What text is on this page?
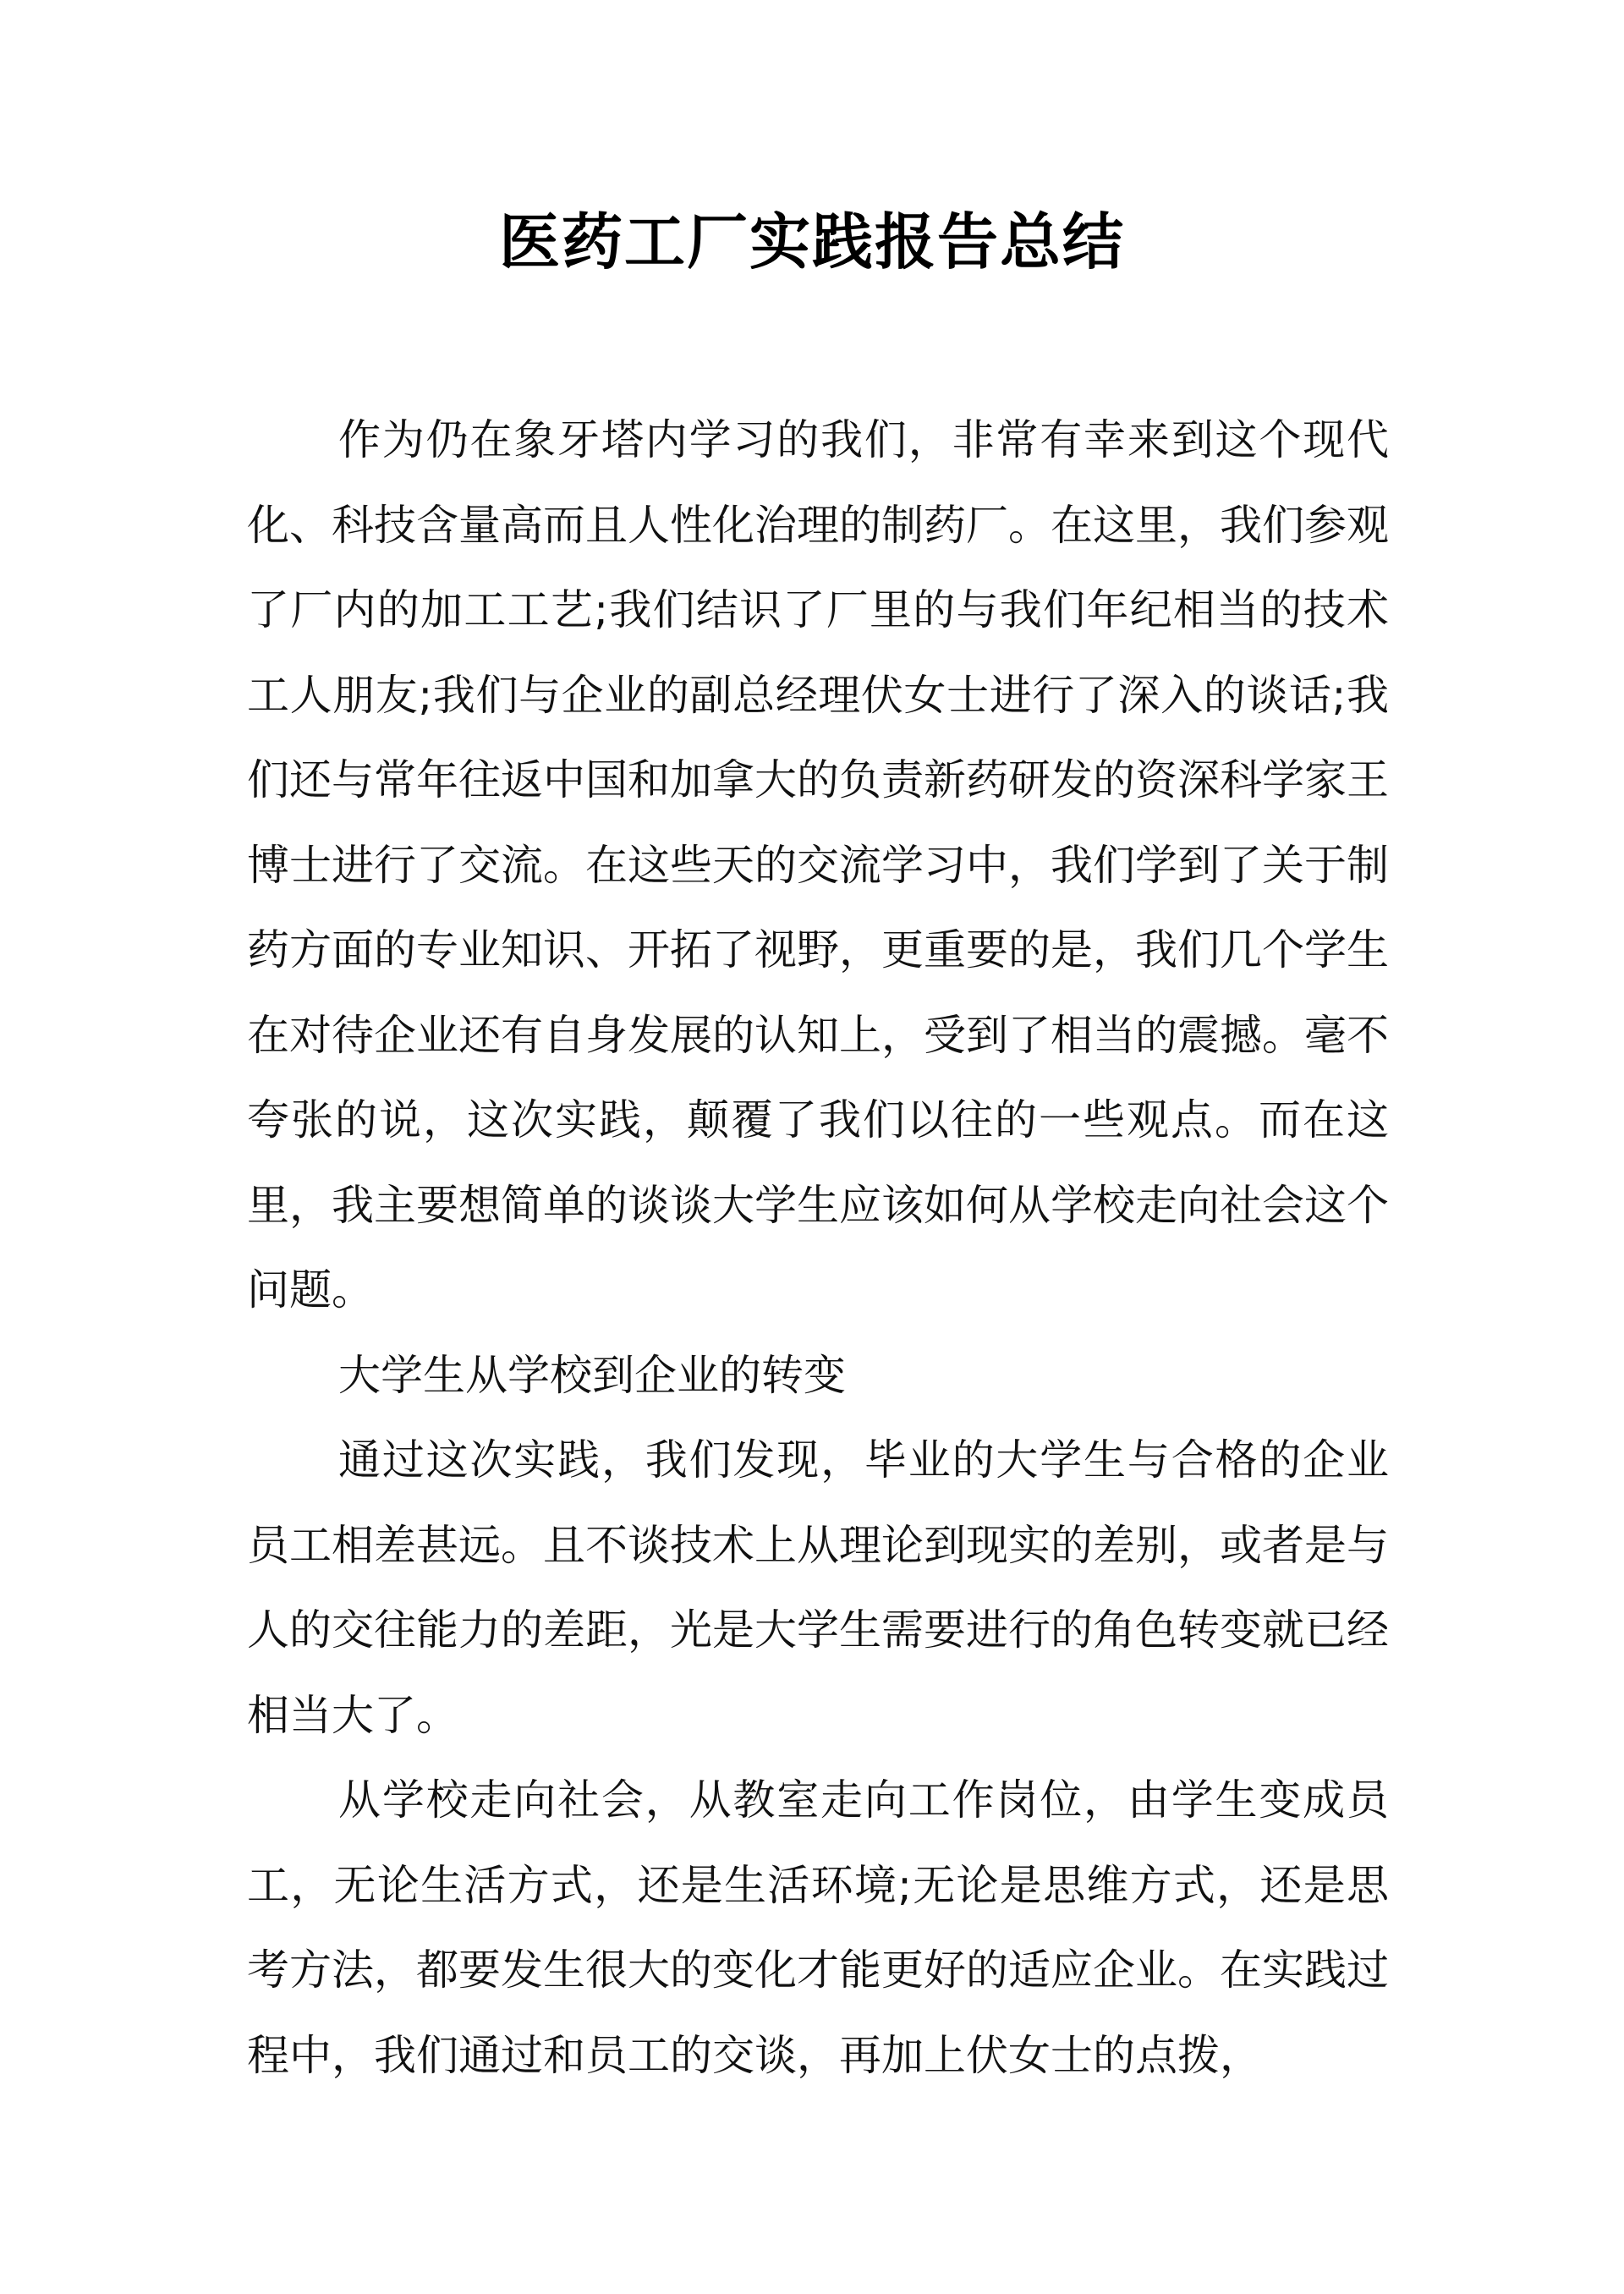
医药工厂实践报告总结

作为仍在象牙塔内学习的我们，非常有幸来到这个现代化、科技含量高而且人性化治理的制药厂。在这里，我们参观了厂内的加工工艺;我们结识了厂里的与我们年纪相当的技术工人朋友;我们与企业的副总经理伏女士进行了深入的谈话;我们还与常年往返中国和加拿大的负责新药研发的资深科学家王博士进行了交流。在这些天的交流学习中，我们学到了关于制药方面的专业知识、开拓了视野，更重要的是，我们几个学生在对待企业还有自身发展的认知上，受到了相当的震撼。毫不夸张的说，这次实践，颠覆了我们以往的一些观点。而在这里，我主要想简单的谈谈大学生应该如何从学校走向社会这个问题。

大学生从学校到企业的转变

通过这次实践，我们发现，毕业的大学生与合格的企业员工相差甚远。且不谈技术上从理论到现实的差别，或者是与人的交往能力的差距，光是大学生需要进行的角色转变就已经相当大了。

从学校走向社会，从教室走向工作岗位，由学生变成员工，无论生活方式，还是生活环境;无论是思维方式，还是思考方法，都要发生很大的变化才能更好的适应企业。在实践过程中，我们通过和员工的交谈，再加上伏女士的点拨，
